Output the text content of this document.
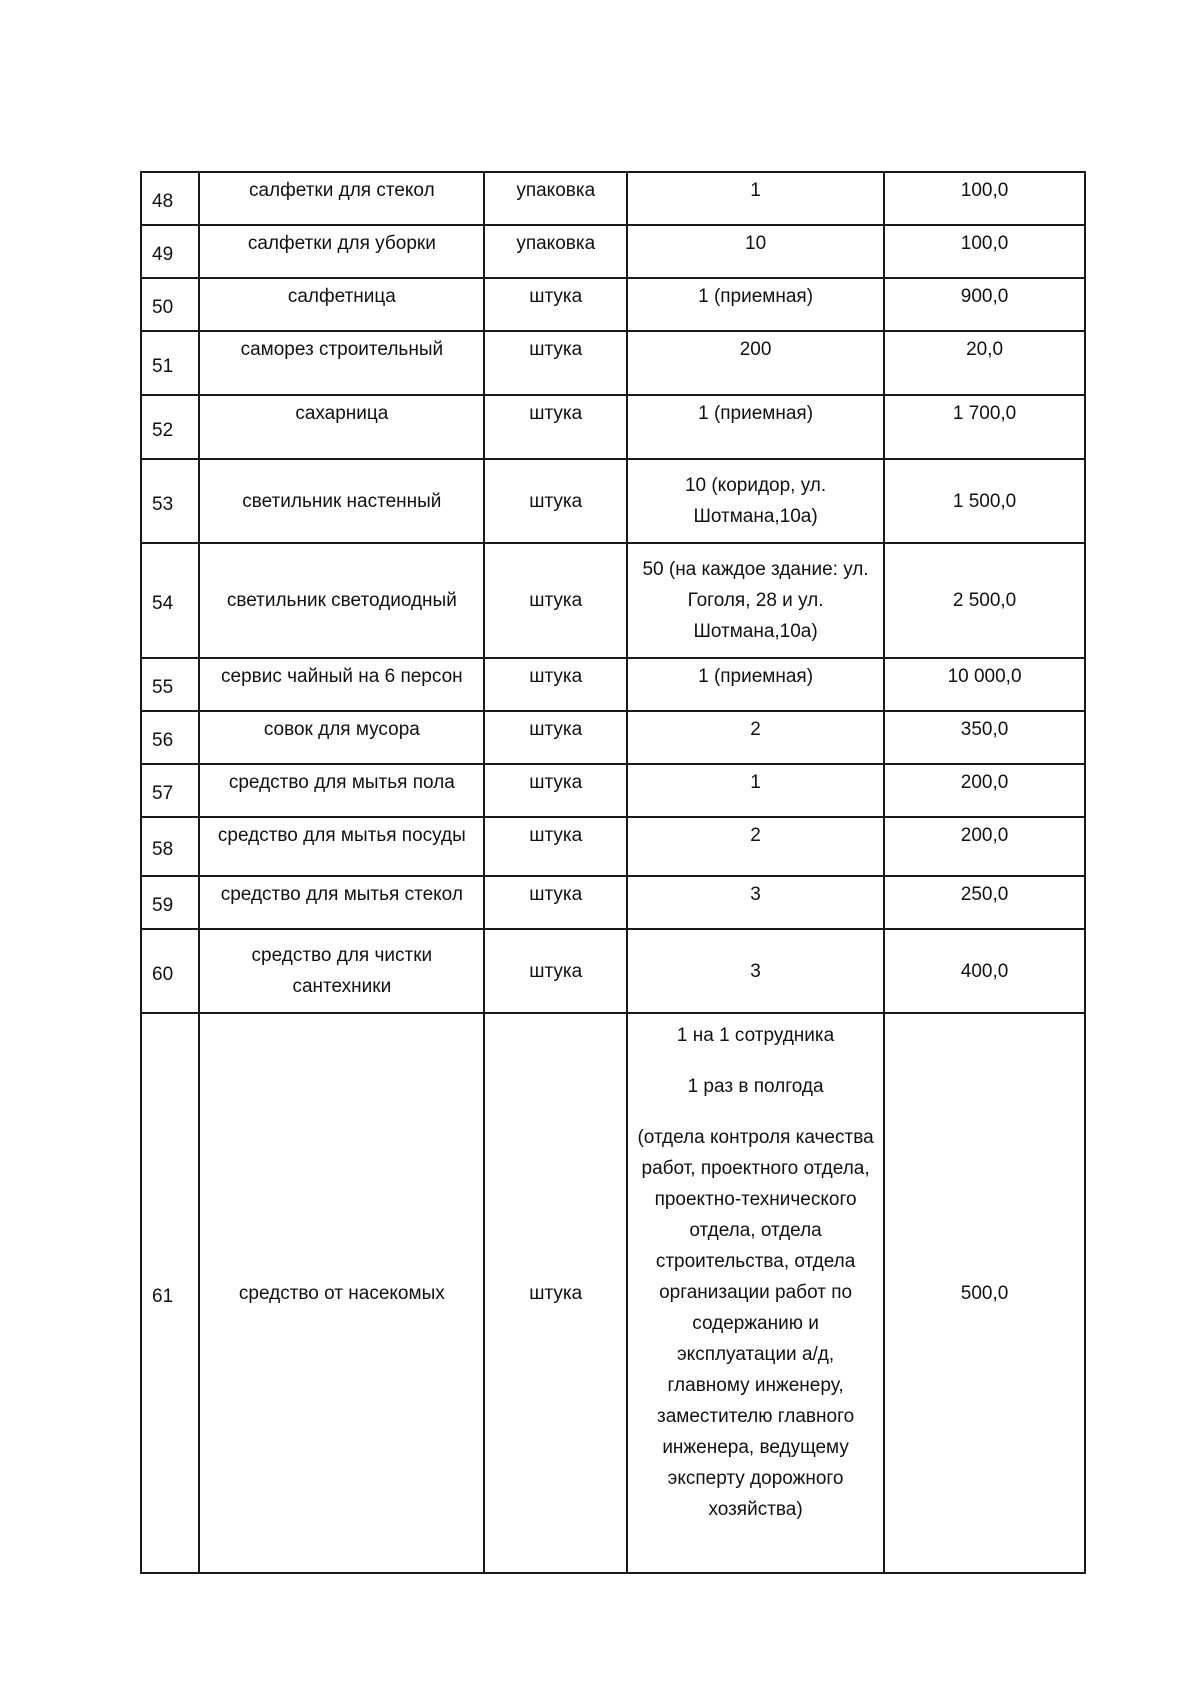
48	салфетки для стекол	упаковка	1	100,0
49	салфетки для уборки	упаковка	10	100,0
50	салфетница	штука	1 (приемная)	900,0
51	саморез строительный	штука	200	20,0
52	сахарница	штука	1 (приемная)	1 700,0
53	светильник настенный	штука	10 (коридор, ул. Шотмана,10а)	1 500,0
54	светильник светодиодный	штука	50 (на каждое здание: ул. Гоголя, 28 и ул. Шотмана,10а)	2 500,0
55	сервис чайный на 6 персон	штука	1 (приемная)	10 000,0
56	совок для мусора	штука	2	350,0
57	средство для мытья пола	штука	1	200,0
58	средство для мытья посуды	штука	2	200,0
59	средство для мытья стекол	штука	3	250,0
60	средство для чистки сантехники	штука	3	400,0
61	средство от насекомых	штука	1 на 1 сотрудника
1 раз в полгода
(отдела контроля качества работ, проектного отдела, проектно-технического отдела, отдела строительства, отдела организации работ по содержанию и эксплуатации а/д, главному инженеру, заместителю главного инженера, ведущему эксперту дорожного хозяйства)	500,0
